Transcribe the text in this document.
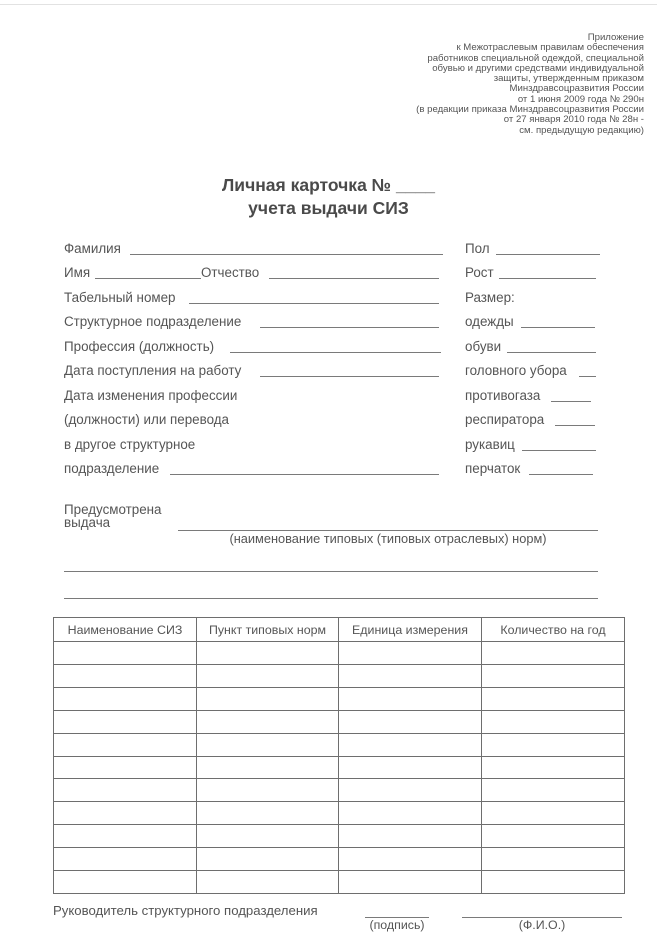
Приложение
к Межотраслевым правилам обеспечения
работников специальной одеждой, специальной
обувью и другими средствами индивидуальной
защиты, утвержденным приказом
Минздравсоцразвития России
от 1 июня 2009 года № 290н
(в редакции приказа Минздравсоцразвития России
от 27 января 2010 года № 28н -
см. предыдущую редакцию)
Личная карточка № ____
учета выдачи СИЗ
Фамилия
Имя	Отчество
Табельный номер
Структурное подразделение
Профессия (должность)
Дата поступления на работу
Дата изменения профессии
(должности) или перевода
в другое структурное
подразделение
Пол
Рост
Размер:
одежды
обуви
головного убора
противогаза
респиратора
рукавиц
перчаток
Предусмотрена
выдача
(наименование типовых (типовых отраслевых) норм)
Наименование СИЗ	Пункт типовых норм	Единица измерения	Количество на год

Руководитель структурного подразделения
(подпись)	(Ф.И.О.)
